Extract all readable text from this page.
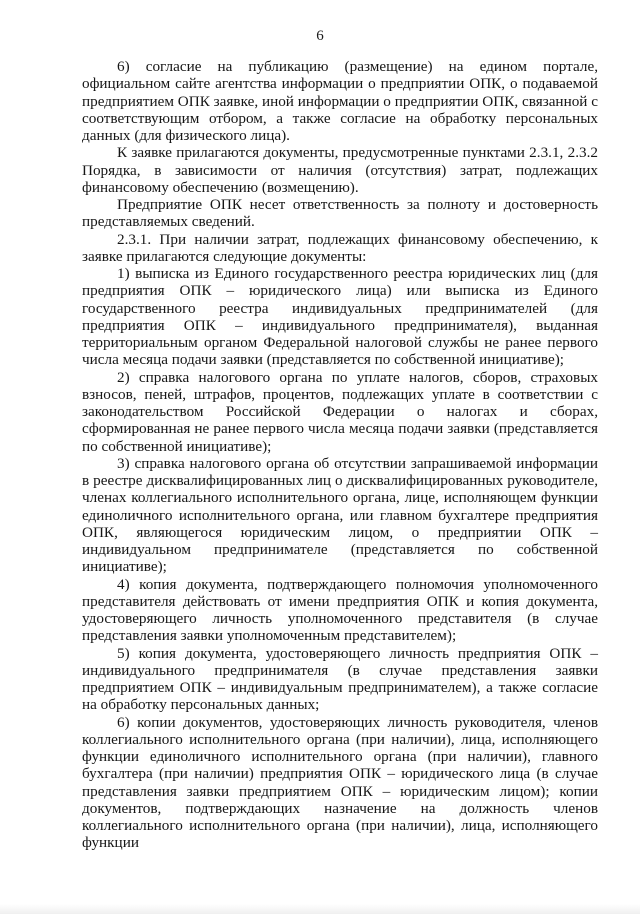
6

6) согласие на публикацию (размещение) на едином портале, официальном сайте агентства информации о предприятии ОПК, о подаваемой предприятием ОПК заявке, иной информации о предприятии ОПК, связанной с соответствующим отбором, а также согласие на обработку персональных данных (для физического лица).

К заявке прилагаются документы, предусмотренные пунктами 2.3.1, 2.3.2 Порядка, в зависимости от наличия (отсутствия) затрат, подлежащих финансовому обеспечению (возмещению).

Предприятие ОПК несет ответственность за полноту и достоверность представляемых сведений.

2.3.1. При наличии затрат, подлежащих финансовому обеспечению, к заявке прилагаются следующие документы:

1) выписка из Единого государственного реестра юридических лиц (для предприятия ОПК – юридического лица) или выписка из Единого государственного реестра индивидуальных предпринимателей (для предприятия ОПК – индивидуального предпринимателя), выданная территориальным органом Федеральной налоговой службы не ранее первого числа месяца подачи заявки (представляется по собственной инициативе);

2) справка налогового органа по уплате налогов, сборов, страховых взносов, пеней, штрафов, процентов, подлежащих уплате в соответствии с законодательством Российской Федерации о налогах и сборах, сформированная не ранее первого числа месяца подачи заявки (представляется по собственной инициативе);

3) справка налогового органа об отсутствии запрашиваемой информации в реестре дисквалифицированных лиц о дисквалифицированных руководителе, членах коллегиального исполнительного органа, лице, исполняющем функции единоличного исполнительного органа, или главном бухгалтере предприятия ОПК, являющегося юридическим лицом, о предприятии ОПК – индивидуальном предпринимателе (представляется по собственной инициативе);

4) копия документа, подтверждающего полномочия уполномоченного представителя действовать от имени предприятия ОПК и копия документа, удостоверяющего личность уполномоченного представителя (в случае представления заявки уполномоченным представителем);

5) копия документа, удостоверяющего личность предприятия ОПК – индивидуального предпринимателя (в случае представления заявки предприятием ОПК – индивидуальным предпринимателем), а также согласие на обработку персональных данных;

6) копии документов, удостоверяющих личность руководителя, членов коллегиального исполнительного органа (при наличии), лица, исполняющего функции единоличного исполнительного органа (при наличии), главного бухгалтера (при наличии) предприятия ОПК – юридического лица (в случае представления заявки предприятием ОПК – юридическим лицом); копии документов, подтверждающих назначение на должность членов коллегиального исполнительного органа (при наличии), лица, исполняющего функции
